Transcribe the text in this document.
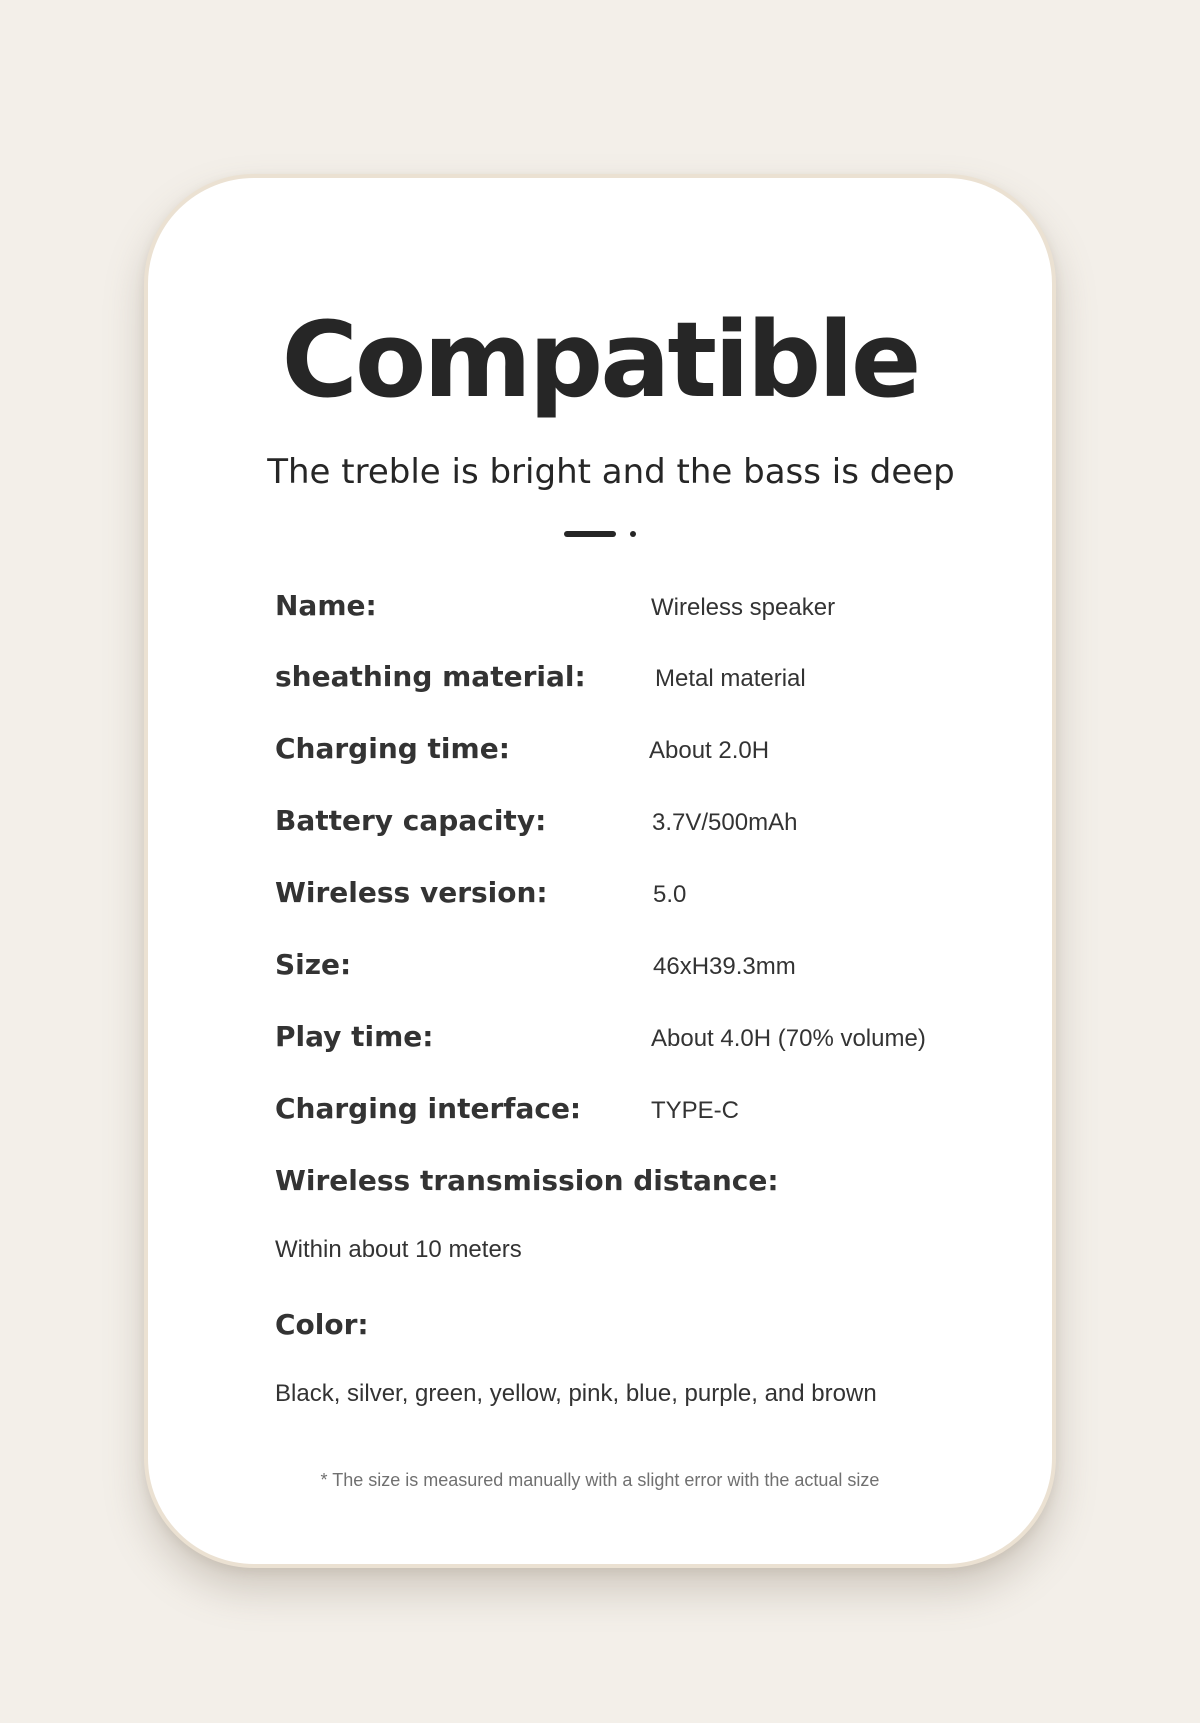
Compatible
The treble is bright and the bass is deep
Name:	Wireless speaker
sheathing material:	Metal material
Charging time:	About 2.0H
Battery capacity:	3.7V/500mAh
Wireless version:	5.0
Size:	46xH39.3mm
Play time:	About 4.0H (70% volume)
Charging interface:	TYPE-C
Wireless transmission distance:
Within about 10 meters
Color:
Black, silver, green, yellow, pink, blue, purple, and brown
* The size is measured manually with a slight error with the actual size
